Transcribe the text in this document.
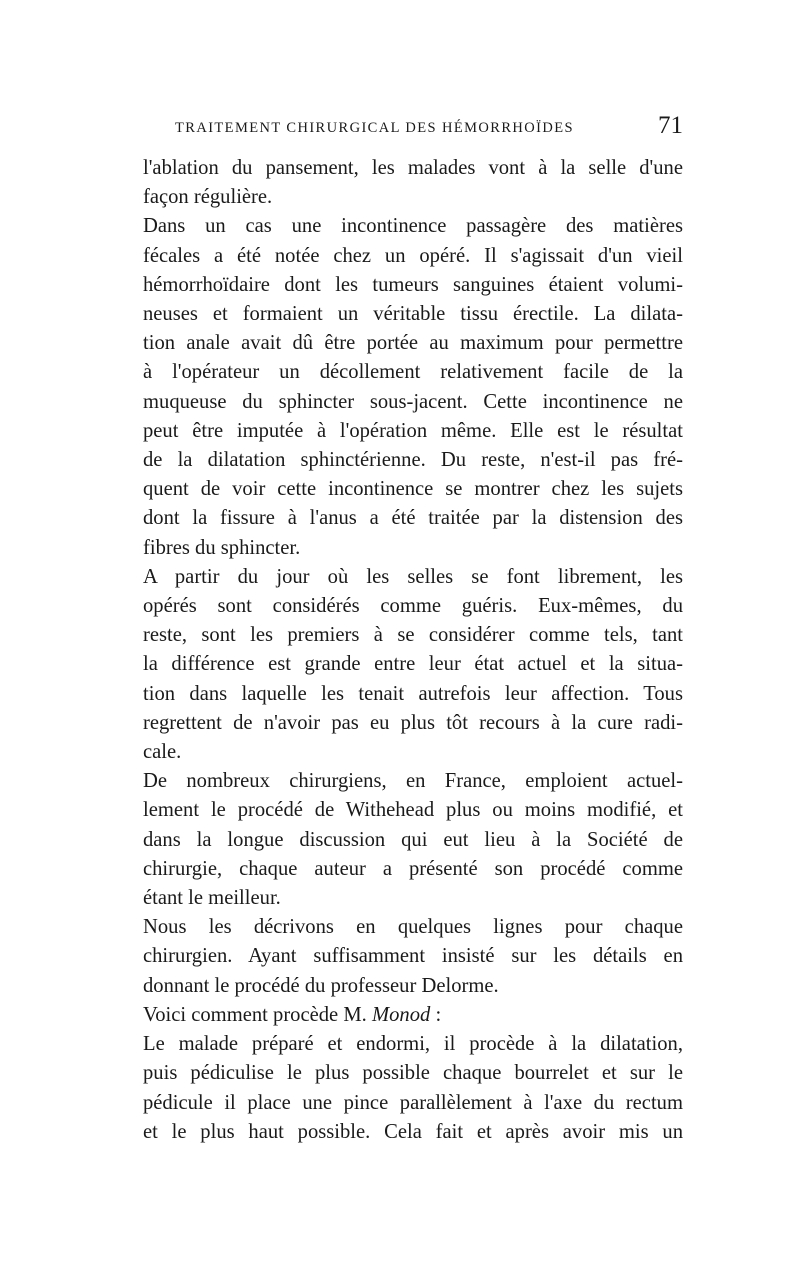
TRAITEMENT CHIRURGICAL DES HÉMORRHOÏDES	71
l'ablation du pansement, les malades vont à la selle d'une
façon régulière.
Dans un cas une incontinence passagère des matières
fécales a été notée chez un opéré. Il s'agissait d'un vieil
hémorrhoïdaire dont les tumeurs sanguines étaient volumi-
neuses et formaient un véritable tissu érectile. La dilata-
tion anale avait dû être portée au maximum pour permettre
à l'opérateur un décollement relativement facile de la
muqueuse du sphincter sous-jacent. Cette incontinence ne
peut être imputée à l'opération même. Elle est le résultat
de la dilatation sphinctérienne. Du reste, n'est-il pas fré-
quent de voir cette incontinence se montrer chez les sujets
dont la fissure à l'anus a été traitée par la distension des
fibres du sphincter.
A partir du jour où les selles se font librement, les
opérés sont considérés comme guéris. Eux-mêmes, du
reste, sont les premiers à se considérer comme tels, tant
la différence est grande entre leur état actuel et la situa-
tion dans laquelle les tenait autrefois leur affection. Tous
regrettent de n'avoir pas eu plus tôt recours à la cure radi-
cale.
De nombreux chirurgiens, en France, emploient actuel-
lement le procédé de Withehead plus ou moins modifié, et
dans la longue discussion qui eut lieu à la Société de
chirurgie, chaque auteur a présenté son procédé comme
étant le meilleur.
Nous les décrivons en quelques lignes pour chaque
chirurgien. Ayant suffisamment insisté sur les détails en
donnant le procédé du professeur Delorme.
Voici comment procède M. Monod :
Le malade préparé et endormi, il procède à la dilatation,
puis pédiculise le plus possible chaque bourrelet et sur le
pédicule il place une pince parallèlement à l'axe du rectum
et le plus haut possible. Cela fait et après avoir mis un
